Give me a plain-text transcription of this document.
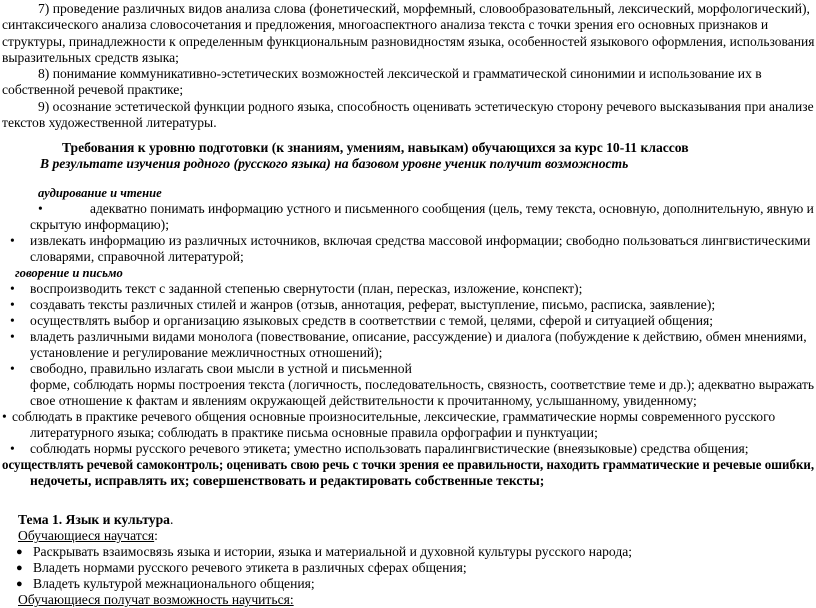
7) проведение различных видов анализа слова (фонетический, морфемный, словообразовательный, лексический, морфологический),
синтаксического анализа словосочетания и предложения, многоаспектного анализа текста с точки зрения его основных признаков и
структуры, принадлежности к определенным функциональным разновидностям языка, особенностей языкового оформления, использования
выразительных средств языка;
8) понимание коммуникативно-эстетических возможностей лексической и грамматической синонимии и использование их в
собственной речевой практике;
9) осознание эстетической функции родного языка, способность оценивать эстетическую сторону речевого высказывания при анализе
текстов художественной литературы.
Требования к уровню подготовки (к знаниям, умениям, навыкам) обучающихся за курс 10-11 классов
В результате изучения родного (русского языка) на базовом уровне ученик получит возможность
аудирование и чтение
•	адекватно понимать информацию устного и письменного сообщения (цель, тему текста, основную, дополнительную, явную и
скрытую информацию);
• извлекать информацию из различных источников, включая средства массовой информации; свободно пользоваться лингвистическими
словарями, справочной литературой;
говорение и письмо
• воспроизводить текст с заданной степенью свернутости (план, пересказ, изложение, конспект);
• создавать тексты различных стилей и жанров (отзыв, аннотация, реферат, выступление, письмо, расписка, заявление);
• осуществлять выбор и организацию языковых средств в соответствии с темой, целями, сферой и ситуацией общения;
• владеть различными видами монолога (повествование, описание, рассуждение) и диалога (побуждение к действию, обмен мнениями,
установление и регулирование межличностных отношений);
• свободно, правильно излагать свои мысли в устной и письменной
форме, соблюдать нормы построения текста (логичность, последовательность, связность, соответствие теме и др.); адекватно выражать
свое отношение к фактам и явлениям окружающей действительности к прочитанному, услышанному, увиденному;
• соблюдать в практике речевого общения основные произносительные, лексические, грамматические нормы современного русского
литературного языка; соблюдать в практике письма основные правила орфографии и пунктуации;
• соблюдать нормы русского речевого этикета; уместно использовать паралингвистические (внеязыковые) средства общения;
осуществлять речевой самоконтроль; оценивать свою речь с точки зрения ее правильности, находить грамматические и речевые ошибки,
недочеты, исправлять их; совершенствовать и редактировать собственные тексты;
Тема 1. Язык и культура.
Обучающиеся научатся:
● Раскрывать взаимосвязь языка и истории, языка и материальной и духовной культуры русского народа;
● Владеть нормами русского речевого этикета в различных сферах общения;
● Владеть культурой межнационального общения;
Обучающиеся получат возможность научиться:
